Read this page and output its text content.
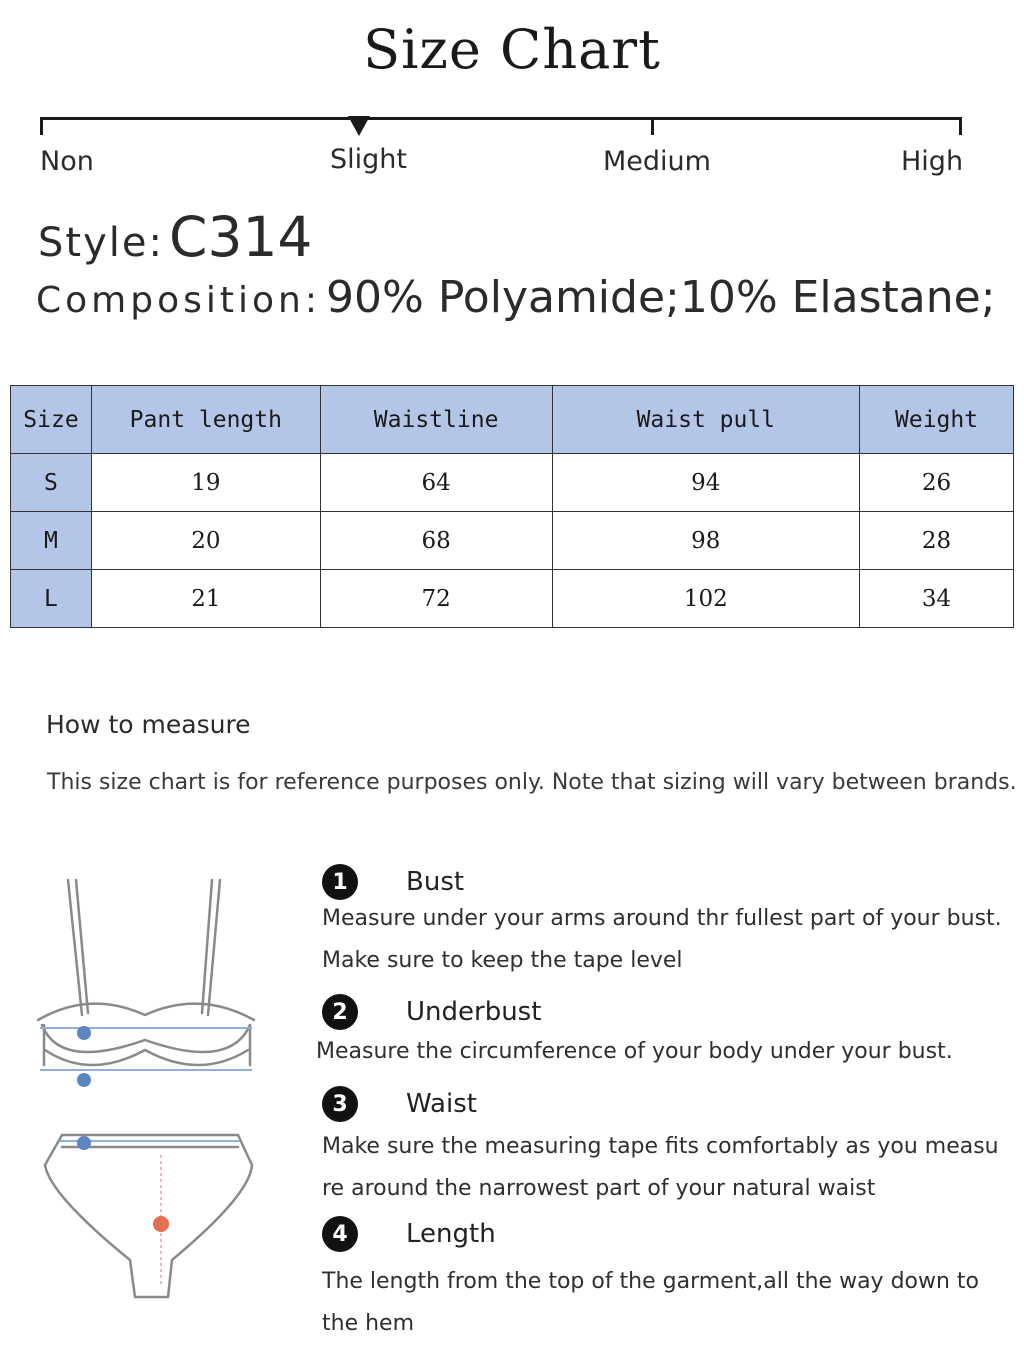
Size Chart
Non	Slight	Medium	High
Style: C314
Composition: 90% Polyamide;10% Elastane;
Size	Pant length	Waistline	Waist pull	Weight
S	19	64	94	26
M	20	68	98	28
L	21	72	102	34
How to measure
This size chart is for reference purposes only. Note that sizing will vary between brands.
1	Bust
Measure under your arms around thr fullest part of your bust.
Make sure to keep the tape level
2	Underbust
Measure the circumference of your body under your bust.
3	Waist
Make sure the measuring tape fits comfortably as you measu
re around the narrowest part of your natural waist
4	Length
The length from the top of the garment,all the way down to
the hem
